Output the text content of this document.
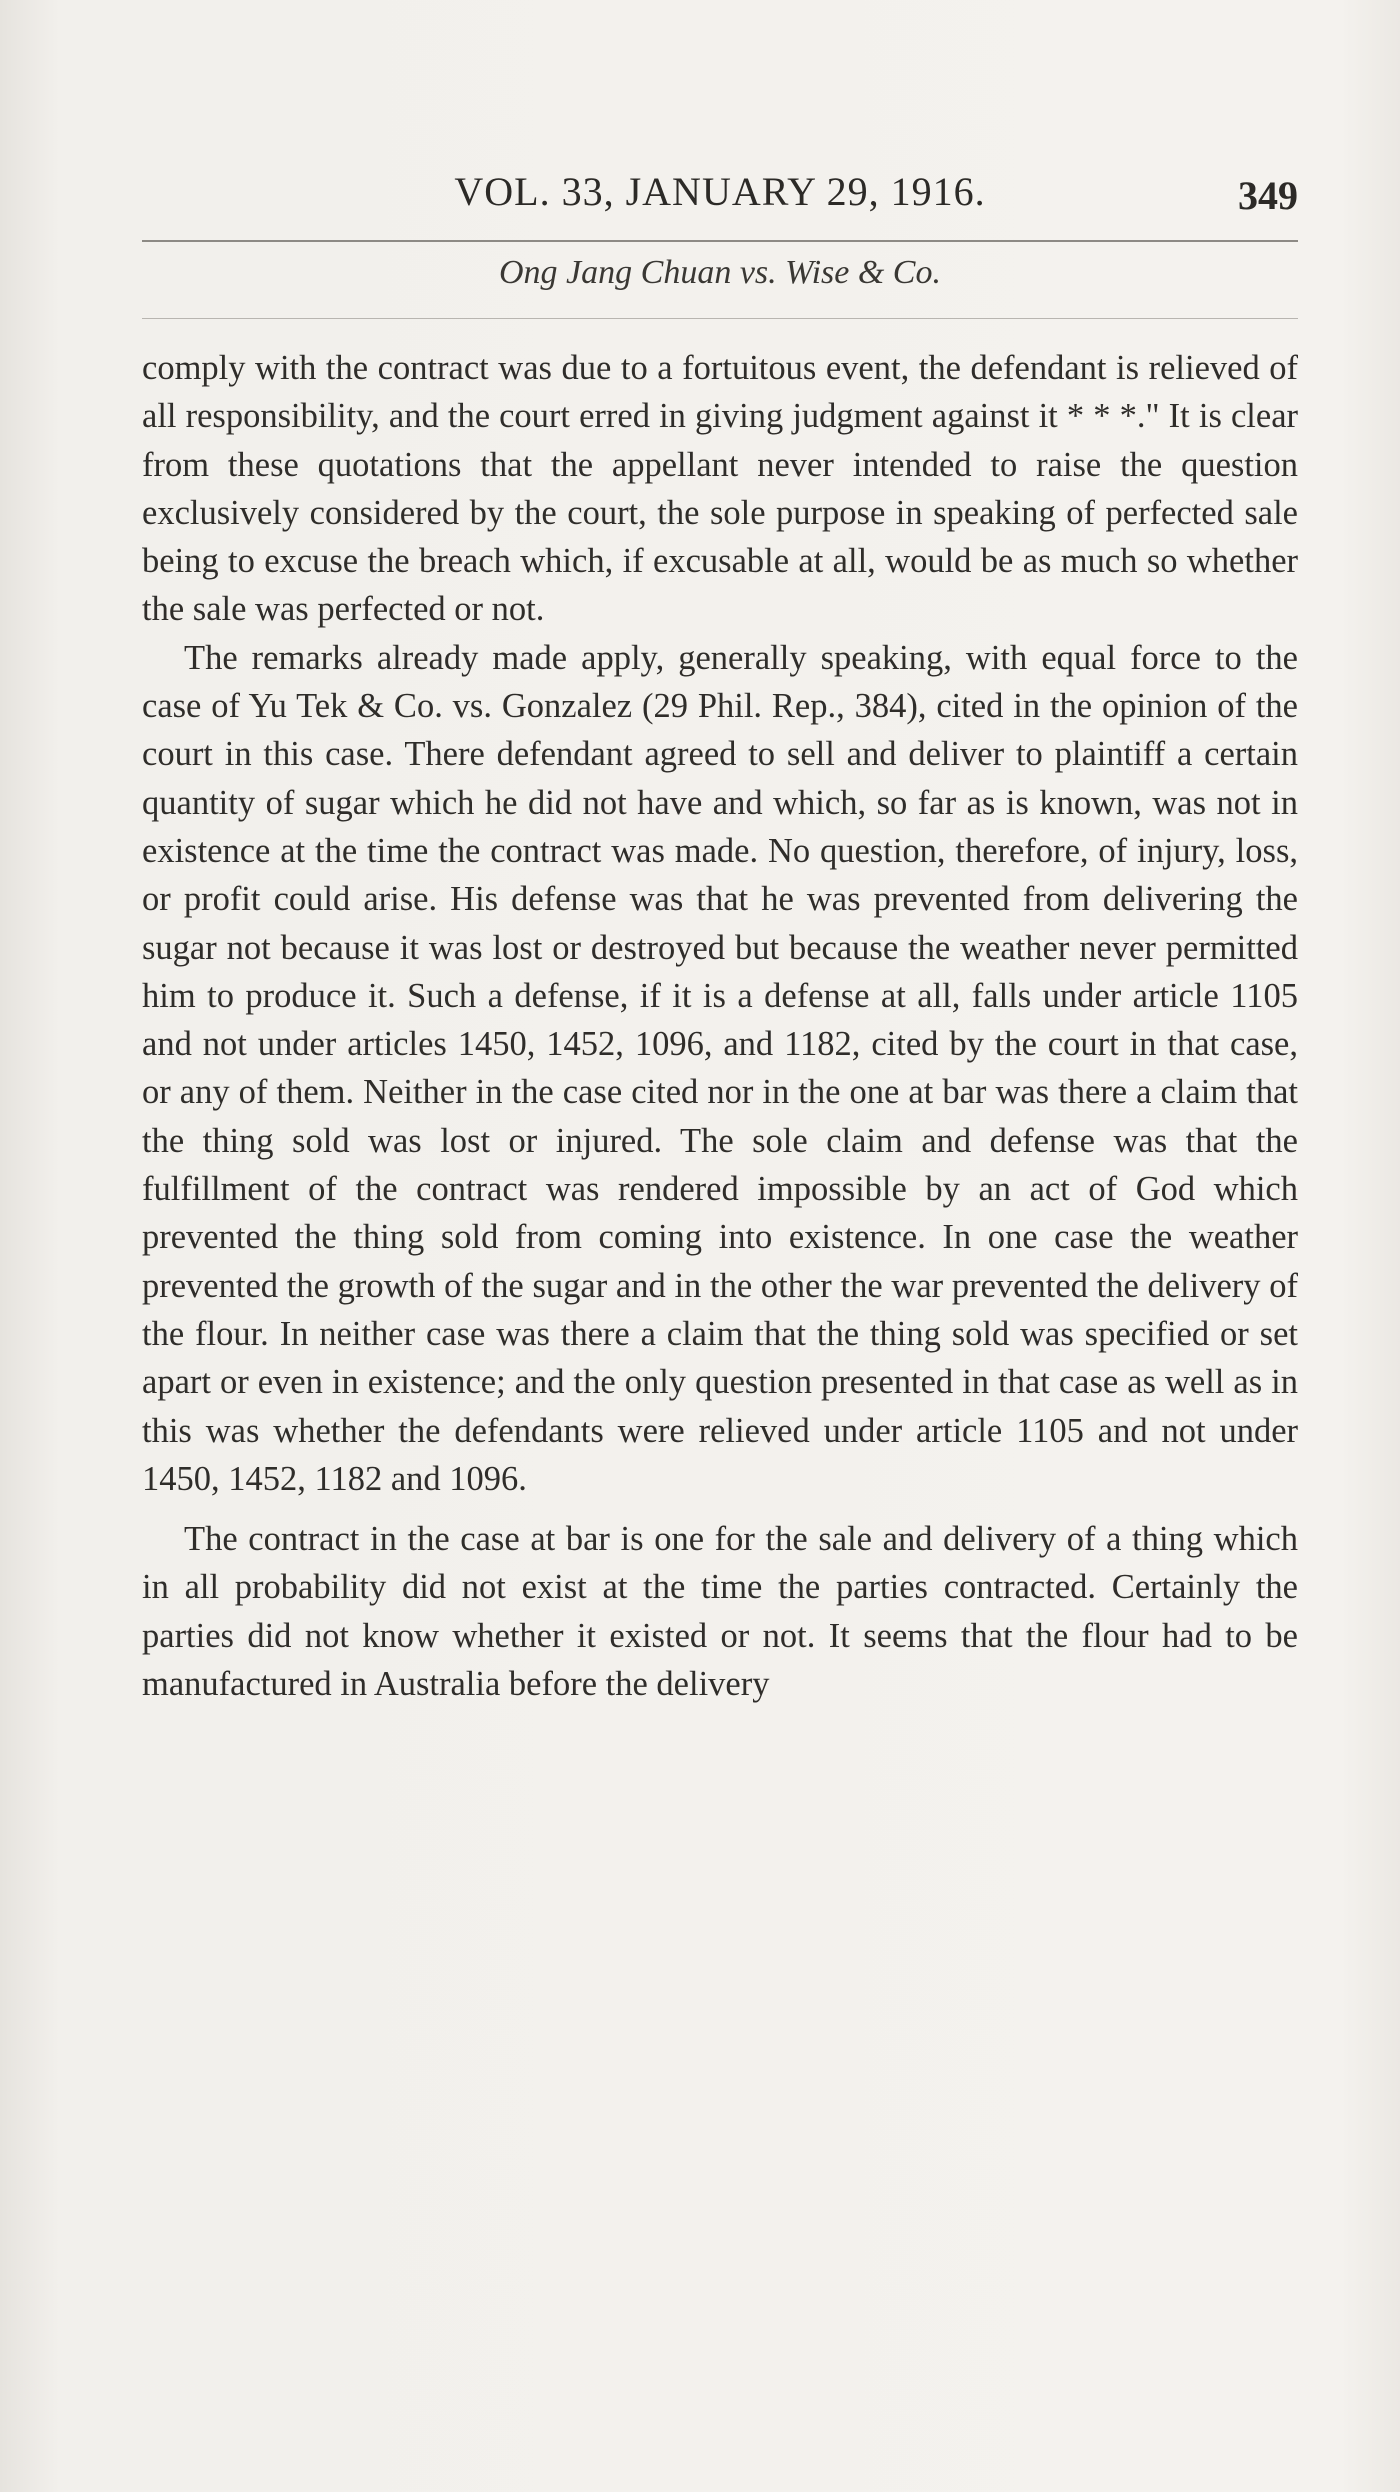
VOL. 33, JANUARY 29, 1916.	349
Ong Jang Chuan vs. Wise & Co.

comply with the contract was due to a fortuitous event, the defendant is relieved of all responsibility, and the court erred in giving judgment against it * * *." It is clear from these quotations that the appellant never intended to raise the question exclusively considered by the court, the sole purpose in speaking of perfected sale being to excuse the breach which, if excusable at all, would be as much so whether the sale was perfected or not.

The remarks already made apply, generally speaking, with equal force to the case of Yu Tek & Co. vs. Gonzalez (29 Phil. Rep., 384), cited in the opinion of the court in this case. There defendant agreed to sell and deliver to plaintiff a certain quantity of sugar which he did not have and which, so far as is known, was not in existence at the time the contract was made. No question, therefore, of injury, loss, or profit could arise. His defense was that he was prevented from delivering the sugar not because it was lost or destroyed but because the weather never permitted him to produce it. Such a defense, if it is a defense at all, falls under article 1105 and not under articles 1450, 1452, 1096, and 1182, cited by the court in that case, or any of them. Neither in the case cited nor in the one at bar was there a claim that the thing sold was lost or injured. The sole claim and defense was that the fulfillment of the contract was rendered impossible by an act of God which prevented the thing sold from coming into existence. In one case the weather prevented the growth of the sugar and in the other the war prevented the delivery of the flour. In neither case was there a claim that the thing sold was specified or set apart or even in existence; and the only question presented in that case as well as in this was whether the defendants were relieved under article 1105 and not under 1450, 1452, 1182 and 1096.

The contract in the case at bar is one for the sale and delivery of a thing which in all probability did not exist at the time the parties contracted. Certainly the parties did not know whether it existed or not. It seems that the flour had to be manufactured in Australia before the delivery
